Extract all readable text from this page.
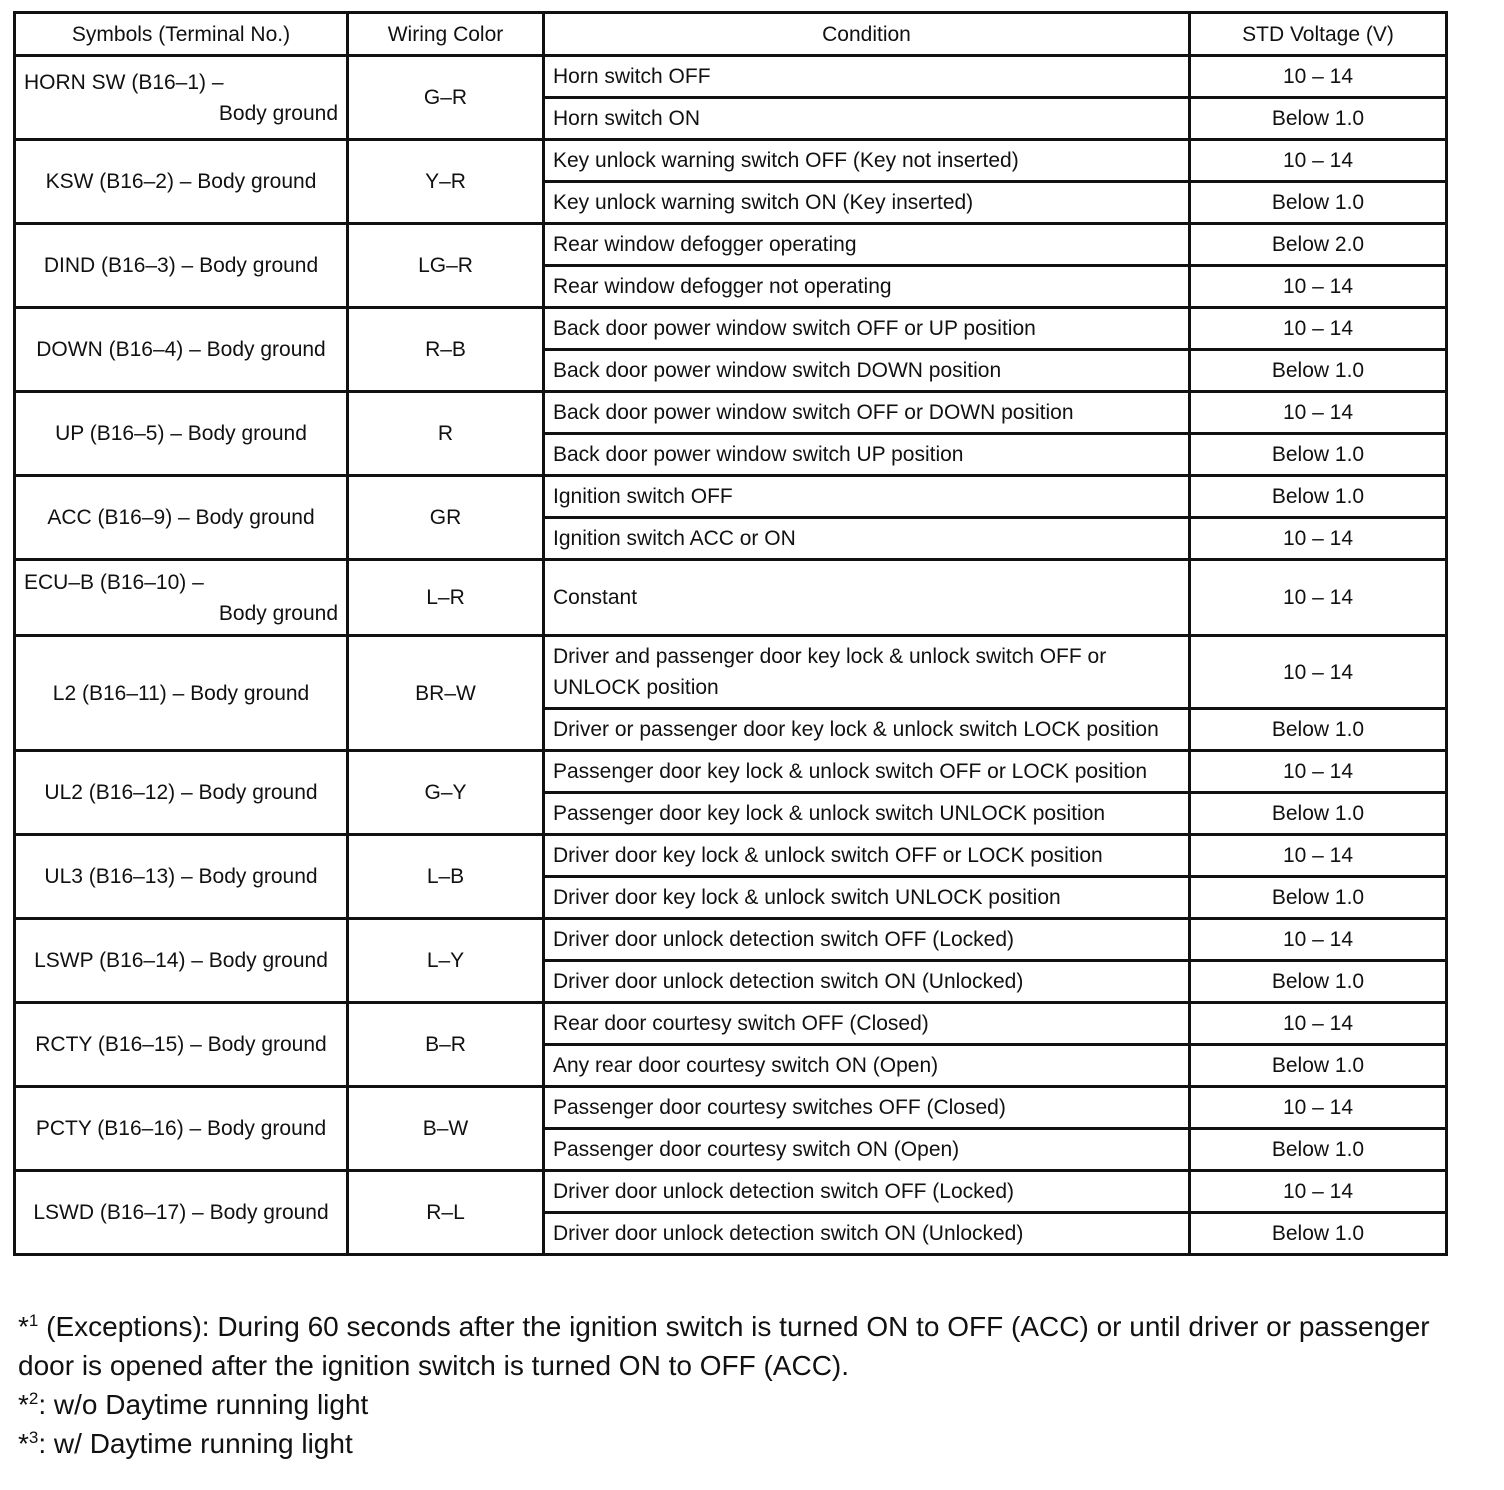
Symbols (Terminal No.)	Wiring Color	Condition	STD Voltage (V)
HORN SW (B16–1) –
Body ground	G–R	Horn switch OFF	10 – 14
		Horn switch ON	Below 1.0
KSW (B16–2) – Body ground	Y–R	Key unlock warning switch OFF (Key not inserted)	10 – 14
		Key unlock warning switch ON (Key inserted)	Below 1.0
DIND (B16–3) – Body ground	LG–R	Rear window defogger operating	Below 2.0
		Rear window defogger not operating	10 – 14
DOWN (B16–4) – Body ground	R–B	Back door power window switch OFF or UP position	10 – 14
		Back door power window switch DOWN position	Below 1.0
UP (B16–5) – Body ground	R	Back door power window switch OFF or DOWN position	10 – 14
		Back door power window switch UP position	Below 1.0
ACC (B16–9) – Body ground	GR	Ignition switch OFF	Below 1.0
		Ignition switch ACC or ON	10 – 14
ECU–B (B16–10) –
Body ground	L–R	Constant	10 – 14
L2 (B16–11) – Body ground	BR–W	Driver and passenger door key lock & unlock switch OFF or UNLOCK position	10 – 14
		Driver or passenger door key lock & unlock switch LOCK position	Below 1.0
UL2 (B16–12) – Body ground	G–Y	Passenger door key lock & unlock switch OFF or LOCK position	10 – 14
		Passenger door key lock & unlock switch UNLOCK position	Below 1.0
UL3 (B16–13) – Body ground	L–B	Driver door key lock & unlock switch OFF or LOCK position	10 – 14
		Driver door key lock & unlock switch UNLOCK position	Below 1.0
LSWP (B16–14) – Body ground	L–Y	Driver door unlock detection switch OFF (Locked)	10 – 14
		Driver door unlock detection switch ON (Unlocked)	Below 1.0
RCTY (B16–15) – Body ground	B–R	Rear door courtesy switch OFF (Closed)	10 – 14
		Any rear door courtesy switch ON (Open)	Below 1.0
PCTY (B16–16) – Body ground	B–W	Passenger door courtesy switches OFF (Closed)	10 – 14
		Passenger door courtesy switch ON (Open)	Below 1.0
LSWD (B16–17) – Body ground	R–L	Driver door unlock detection switch OFF (Locked)	10 – 14
		Driver door unlock detection switch ON (Unlocked)	Below 1.0

*$^1$ (Exceptions): During 60 seconds after the ignition switch is turned ON to OFF (ACC) or until driver or passenger door is opened after the ignition switch is turned ON to OFF (ACC).

*$^2$: w/o Daytime running light

*$^3$: w/ Daytime running light
